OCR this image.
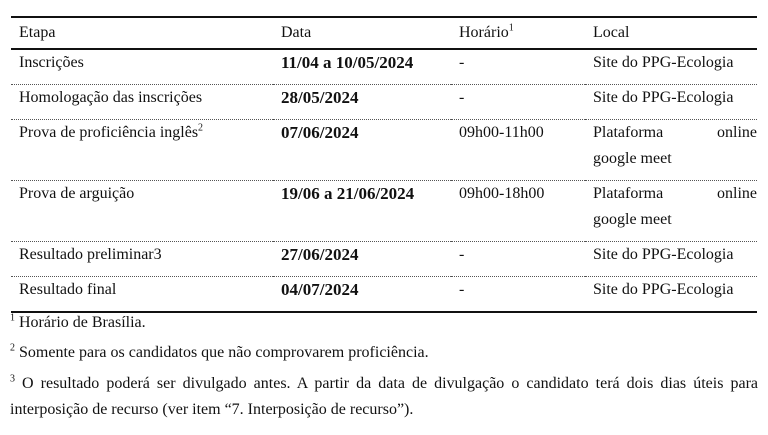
Etapa	Data	Horário$^1$	Local
Inscrições	11/04 a 10/05/2024	-	Site do PPG-Ecologia
Homologação das inscrições	28/05/2024	-	Site do PPG-Ecologia
Prova de proficiência inglês$^2$	07/06/2024	09h00-11h00	Plataforma online
google meet

Prova de arguição	19/06 a 21/06/2024	09h00-18h00	Plataforma online
google meet

Resultado preliminar3	27/06/2024	-	Site do PPG-Ecologia
Resultado final	04/07/2024	-	Site do PPG-Ecologia
$^1$ Horário de Brasília.
$^2$ Somente para os candidatos que não comprovarem proficiência.
$^3$ O resultado poderá ser divulgado antes. A partir da data de divulgação o candidato terá dois dias úteis para interposição de recurso (ver item “7. Interposição de recurso”).
